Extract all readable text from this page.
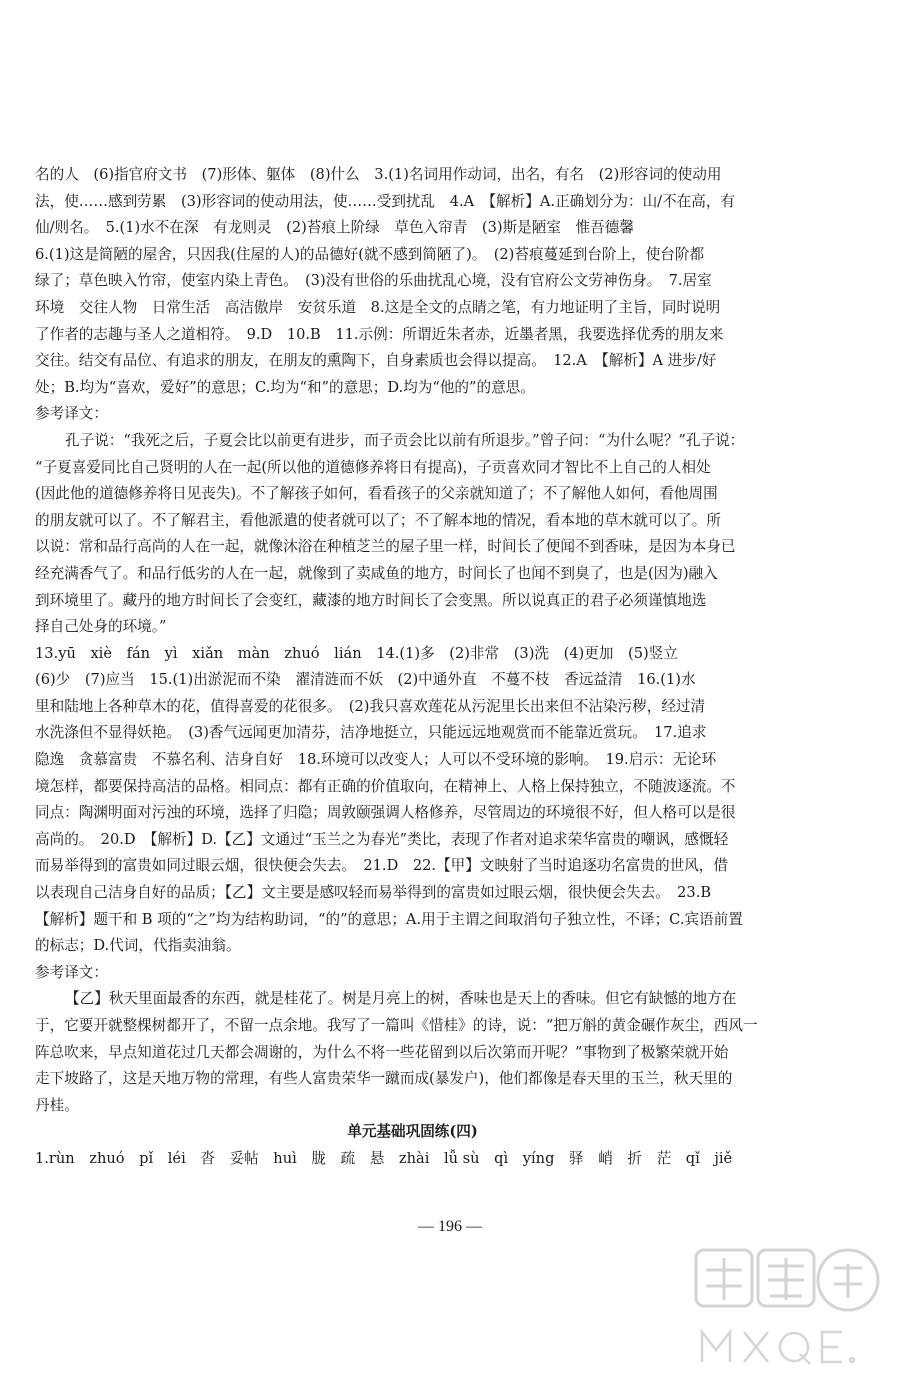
名的人　(6)指官府文书　(7)形体、躯体　(8)什么　3.(1)名词用作动词，出名，有名　(2)形容词的使动用

法，使……感到劳累　(3)形容词的使动用法，使……受到扰乱　4.A　【解析】A.正确划分为：山/不在高，有

仙/则名。　5.(1)水不在深　有龙则灵　(2)苔痕上阶绿　草色入帘青　(3)斯是陋室　惟吾德馨

6.(1)这是简陋的屋舍，只因我(住屋的人)的品德好(就不感到简陋了)。　(2)苔痕蔓延到台阶上，使台阶都

绿了；草色映入竹帘，使室内染上青色。　(3)没有世俗的乐曲扰乱心境，没有官府公文劳神伤身。　7.居室

环境　交往人物　日常生活　高洁傲岸　安贫乐道　8.这是全文的点睛之笔，有力地证明了主旨，同时说明

了作者的志趣与圣人之道相符。　9.D　10.B　11.示例：所谓近朱者赤，近墨者黑，我要选择优秀的朋友来

交往。结交有品位、有追求的朋友，在朋友的熏陶下，自身素质也会得以提高。　12.A　【解析】A 进步/好

处；B.均为“喜欢，爱好”的意思；C.均为“和”的意思；D.均为“他的”的意思。

参考译文：

孔子说：“我死之后，子夏会比以前更有进步，而子贡会比以前有所退步。”曾子问：“为什么呢？”孔子说：

“子夏喜爱同比自己贤明的人在一起(所以他的道德修养将日有提高)，子贡喜欢同才智比不上自己的人相处

(因此他的道德修养将日见丧失)。不了解孩子如何，看看孩子的父亲就知道了；不了解他人如何，看他周围

的朋友就可以了。不了解君主，看他派遣的使者就可以了；不了解本地的情况，看本地的草木就可以了。所

以说：常和品行高尚的人在一起，就像沐浴在种植芝兰的屋子里一样，时间长了便闻不到香味，是因为本身已

经充满香气了。和品行低劣的人在一起，就像到了卖咸鱼的地方，时间长了也闻不到臭了，也是(因为)融入

到环境里了。藏丹的地方时间长了会变红，藏漆的地方时间长了会变黑。所以说真正的君子必须谨慎地选

择自己处身的环境。”

13.yū　xiè　fán　yì　xiǎn　màn　zhuó　lián　14.(1)多　(2)非常　(3)洗　(4)更加　(5)竖立

(6)少　(7)应当　15.(1)出淤泥而不染　濯清涟而不妖　(2)中通外直　不蔓不枝　香远益清　16.(1)水

里和陆地上各种草木的花，值得喜爱的花很多。　(2)我只喜欢莲花从污泥里长出来但不沾染污秽，经过清

水洗涤但不显得妖艳。　(3)香气远闻更加清芬，洁净地挺立，只能远远地观赏而不能靠近赏玩。　17.追求

隐逸　贪慕富贵　不慕名利、洁身自好　18.环境可以改变人；人可以不受环境的影响。　19.启示：无论环

境怎样，都要保持高洁的品格。相同点：都有正确的价值取向，在精神上、人格上保持独立，不随波逐流。不

同点：陶渊明面对污浊的环境，选择了归隐；周敦颐强调人格修养，尽管周边的环境很不好，但人格可以是很

高尚的。　20.D　【解析】D.【乙】文通过“玉兰之为春光”类比，表现了作者对追求荣华富贵的嘲讽，感慨轻

而易举得到的富贵如同过眼云烟，很快便会失去。　21.D　22.【甲】文映射了当时追逐功名富贵的世风，借

以表现自己洁身自好的品质；【乙】文主要是感叹轻而易举得到的富贵如过眼云烟，很快便会失去。　23.B

【解析】题干和 B 项的“之”均为结构助词，“的”的意思；A.用于主谓之间取消句子独立性，不译；C.宾语前置

的标志；D.代词，代指卖油翁。

参考译文：

【乙】秋天里面最香的东西，就是桂花了。树是月亮上的树，香味也是天上的香味。但它有缺憾的地方在

于，它要开就整棵树都开了，不留一点余地。我写了一篇叫《惜桂》的诗，说：“把万斛的黄金碾作灰尘，西风一

阵总吹来，早点知道花过几天都会凋谢的，为什么不将一些花留到以后次第而开呢？”事物到了极繁荣就开始

走下坡路了，这是天地万物的常理，有些人富贵荣华一蹴而成(暴发户)，他们都像是春天里的玉兰，秋天里的

丹桂。

单元基础巩固练(四)

1.rùn　zhuó　pǐ　léi　沓　妥帖　huì　胧　疏　悬　zhài　lǚ sù　qì　yíng　驿　峭　折　茫　qǐ　jiě

— 196 —
